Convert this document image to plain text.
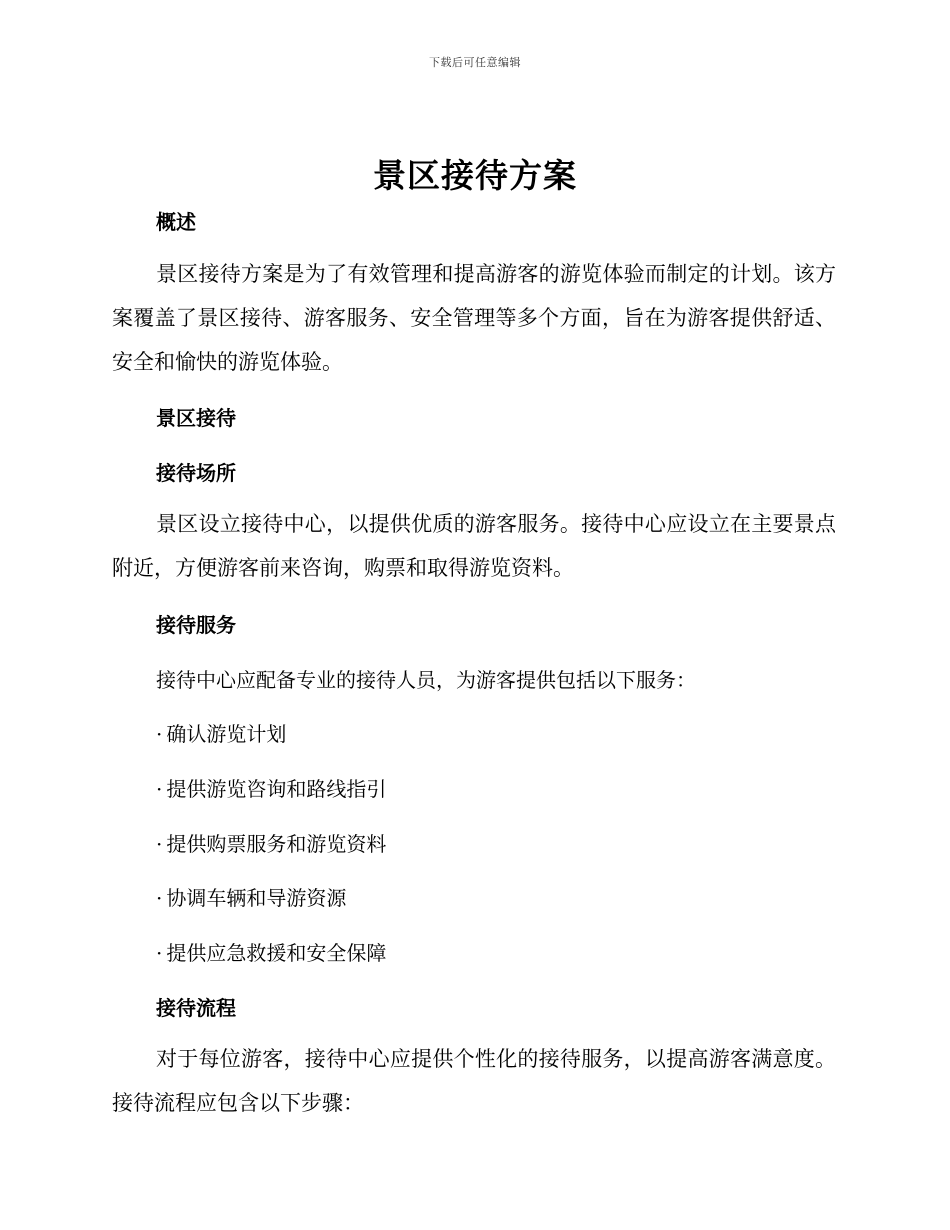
下载后可任意编辑
景区接待方案
概述

景区接待方案是为了有效管理和提高游客的游览体验而制定的计划。该方案覆盖了景区接待、游客服务、安全管理等多个方面，旨在为游客提供舒适、安全和愉快的游览体验。

景区接待
接待场所

景区设立接待中心，以提供优质的游客服务。接待中心应设立在主要景点附近，方便游客前来咨询，购票和取得游览资料。

接待服务

接待中心应配备专业的接待人员，为游客提供包括以下服务：

· 确认游览计划

· 提供游览咨询和路线指引

· 提供购票服务和游览资料

· 协调车辆和导游资源

· 提供应急救援和安全保障

接待流程

对于每位游客，接待中心应提供个性化的接待服务，以提高游客满意度。接待流程应包含以下步骤：
